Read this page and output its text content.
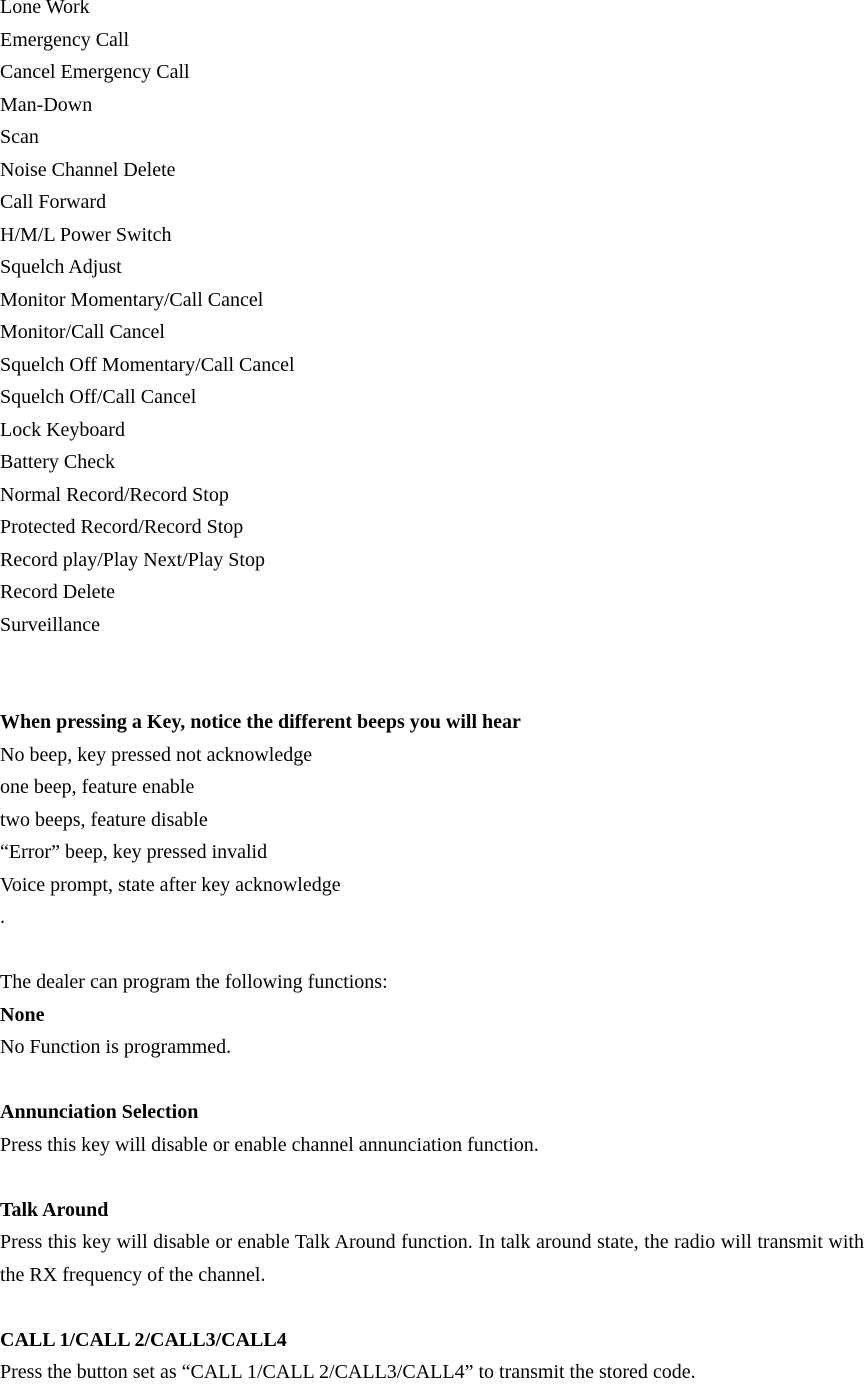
Lone Work
Emergency Call
Cancel Emergency Call
Man-Down
Scan
Noise Channel Delete
Call Forward
H/M/L Power Switch
Squelch Adjust
Monitor Momentary/Call Cancel
Monitor/Call Cancel
Squelch Off Momentary/Call Cancel
Squelch Off/Call Cancel
Lock Keyboard
Battery Check
Normal Record/Record Stop
Protected Record/Record Stop
Record play/Play Next/Play Stop
Record Delete
Surveillance
When pressing a Key, notice the different beeps you will hear
No beep, key pressed not acknowledge
one beep, feature enable
two beeps, feature disable
“Error” beep, key pressed invalid
Voice prompt, state after key acknowledge
.
The dealer can program the following functions:
None
No Function is programmed.
Annunciation Selection
Press this key will disable or enable channel annunciation function.
Talk Around
Press this key will disable or enable Talk Around function. In talk around state, the radio will transmit with the RX frequency of the channel.
CALL 1/CALL 2/CALL3/CALL4
Press the button set as “CALL 1/CALL 2/CALL3/CALL4” to transmit the stored code.
